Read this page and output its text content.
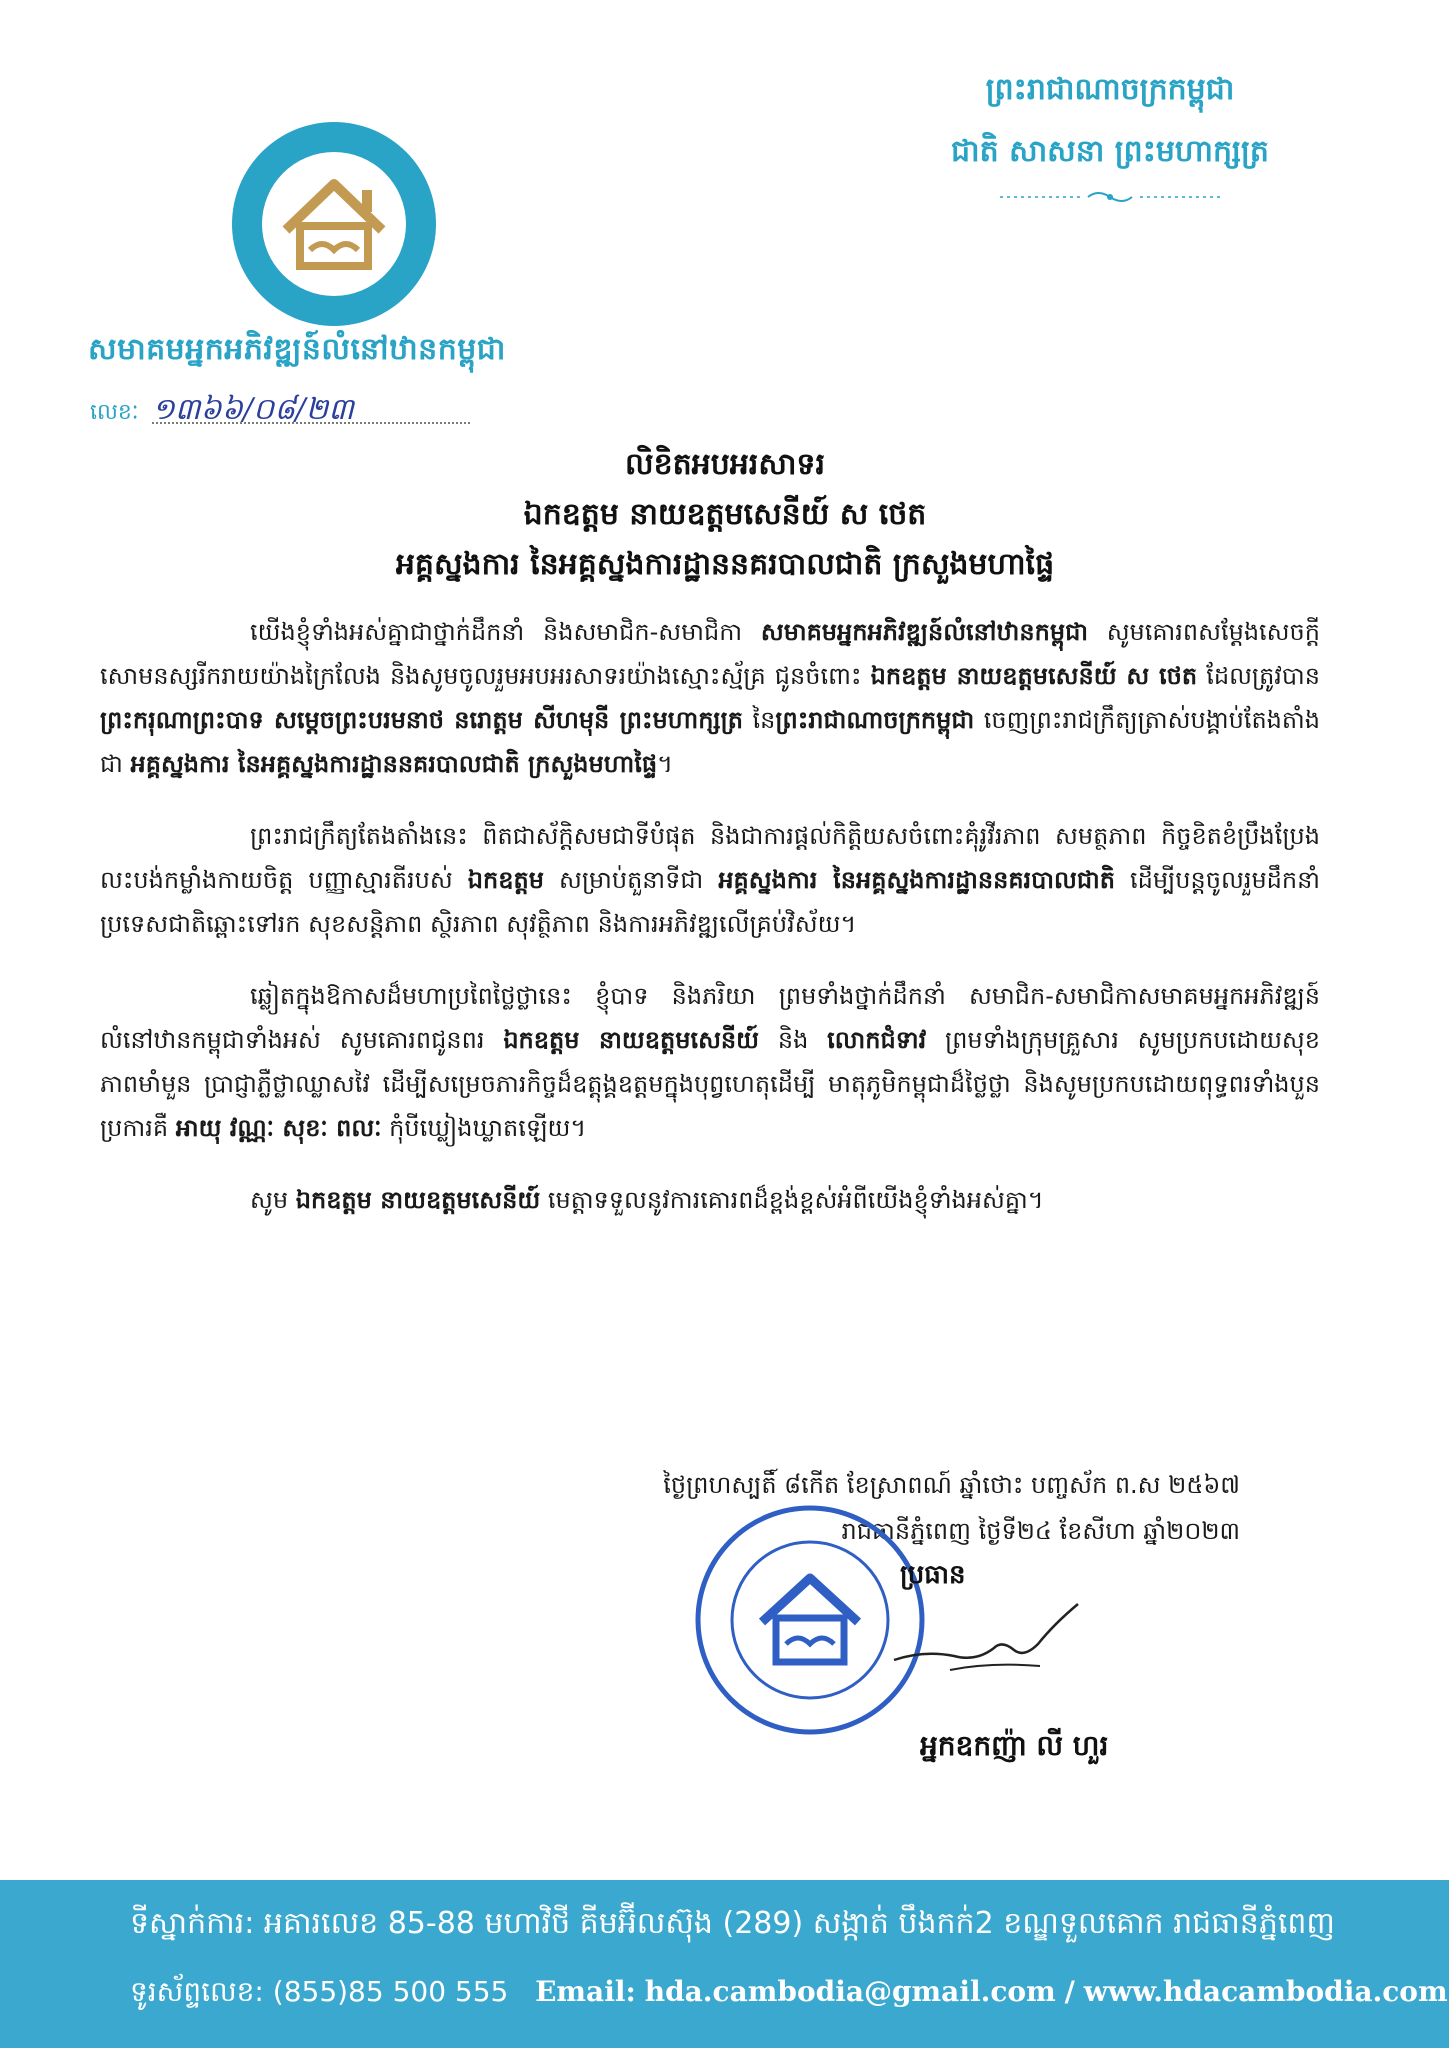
សមាគមអ្នកអភិវឌ្ឍន៍លំនៅឋានកម្ពុជា
លេខៈ ១៣៦៦/០៨/២៣
ព្រះរាជាណាចក្រកម្ពុជា
ជាតិ សាសនា ព្រះមហាក្សត្រ
លិខិតអបអរសាទរ
ឯកឧត្តម នាយឧត្តមសេនីយ៍ ស ថេត
អគ្គស្នងការ នៃអគ្គស្នងការដ្ឋាននគរបាលជាតិ ក្រសួងមហាផ្ទៃ

យើងខ្ញុំទាំងអស់គ្នាជាថ្នាក់ដឹកនាំ និងសមាជិក-សមាជិកា សមាគមអ្នកអភិវឌ្ឍន៍លំនៅឋានកម្ពុជា សូមគោរពសម្តែងសេចក្តីសោមនស្សរីករាយយ៉ាងក្រៃលែង និងសូមចូលរួមអបអរសាទរយ៉ាងស្មោះស្ម័គ្រ ជូនចំពោះ ឯកឧត្តម នាយឧត្តមសេនីយ៍ ស ថេត ដែលត្រូវបាន ព្រះករុណាព្រះបាទ សម្តេចព្រះបរមនាថ នរោត្តម សីហមុនី ព្រះមហាក្សត្រ នៃព្រះរាជាណាចក្រកម្ពុជា ចេញព្រះរាជក្រឹត្យត្រាស់បង្គាប់តែងតាំងជា អគ្គស្នងការ នៃអគ្គស្នងការដ្ឋាននគរបាលជាតិ ក្រសួងមហាផ្ទៃ។

ព្រះរាជក្រឹត្យតែងតាំងនេះ ពិតជាស័ក្តិសមជាទីបំផុត និងជាការផ្តល់កិត្តិយសចំពោះគុំរូវីរភាព សមត្ថភាព កិច្ចខិតខំប្រឹងប្រែង លះបង់កម្លាំងកាយចិត្ត បញ្ញាស្មារតីរបស់ ឯកឧត្តម សម្រាប់តួនាទីជា អគ្គស្នងការ នៃអគ្គស្នងការដ្ឋាននគរបាលជាតិ ដើម្បីបន្តចូលរួមដឹកនាំប្រទេសជាតិឆ្ពោះទៅរក សុខសន្តិភាព ស្ថិរភាព សុវត្ថិភាព និងការអភិវឌ្ឍលើគ្រប់វិស័យ។

ឆ្លៀតក្នុងឱកាសដ៏មហាប្រពៃថ្លៃថ្លានេះ ខ្ញុំបាទ និងភរិយា ព្រមទាំងថ្នាក់ដឹកនាំ សមាជិក-សមាជិកាសមាគមអ្នកអភិវឌ្ឍន៍លំនៅឋានកម្ពុជាទាំងអស់ សូមគោរពជូនពរ ឯកឧត្តម នាយឧត្តមសេនីយ៍ និង លោកជំទាវ ព្រមទាំងក្រុមគ្រួសារ សូមប្រកបដោយសុខភាពមាំមួន ប្រាជ្ញាភ្លឺថ្លាឈ្លាសវៃ ដើម្បីសម្រេចភារកិច្ចដ៏ឧត្តុង្គឧត្តមក្នុងបុព្វហេតុដើម្បី មាតុភូមិកម្ពុជាដ៏ថ្លៃថ្លា និងសូមប្រកបដោយពុទ្ធពរទាំងបួនប្រការគឺ អាយុ វណ្ណៈ សុខៈ ពលៈ កុំបីឃ្លៀងឃ្លាតឡើយ។

សូម ឯកឧត្តម នាយឧត្តមសេនីយ៍ មេត្តាទទួលនូវការគោរពដ៏ខ្ពង់ខ្ពស់អំពីយើងខ្ញុំទាំងអស់គ្នា។

ថ្ងៃព្រហស្បតិ៍ ៨កើត ខែស្រាពណ៍ ឆ្នាំថោះ បញ្ចស័ក ព.ស ២៥៦៧
រាជធានីភ្នំពេញ ថ្ងៃទី២៤ ខែសីហា ឆ្នាំ២០២៣
ប្រធាន
អ្នកឧកញ៉ា លី ហួរ
ទីស្នាក់ការ: អគារលេខ 85-88 មហាវិថី គីមអ៊ីលស៊ុង (289) សង្កាត់ បឹងកក់2 ខណ្ឌទួលគោក រាជធានីភ្នំពេញ
ទូរស័ព្ទលេខ: (855)85 500 555 Email: hda.cambodia@gmail.com / www.hdacambodia.com
